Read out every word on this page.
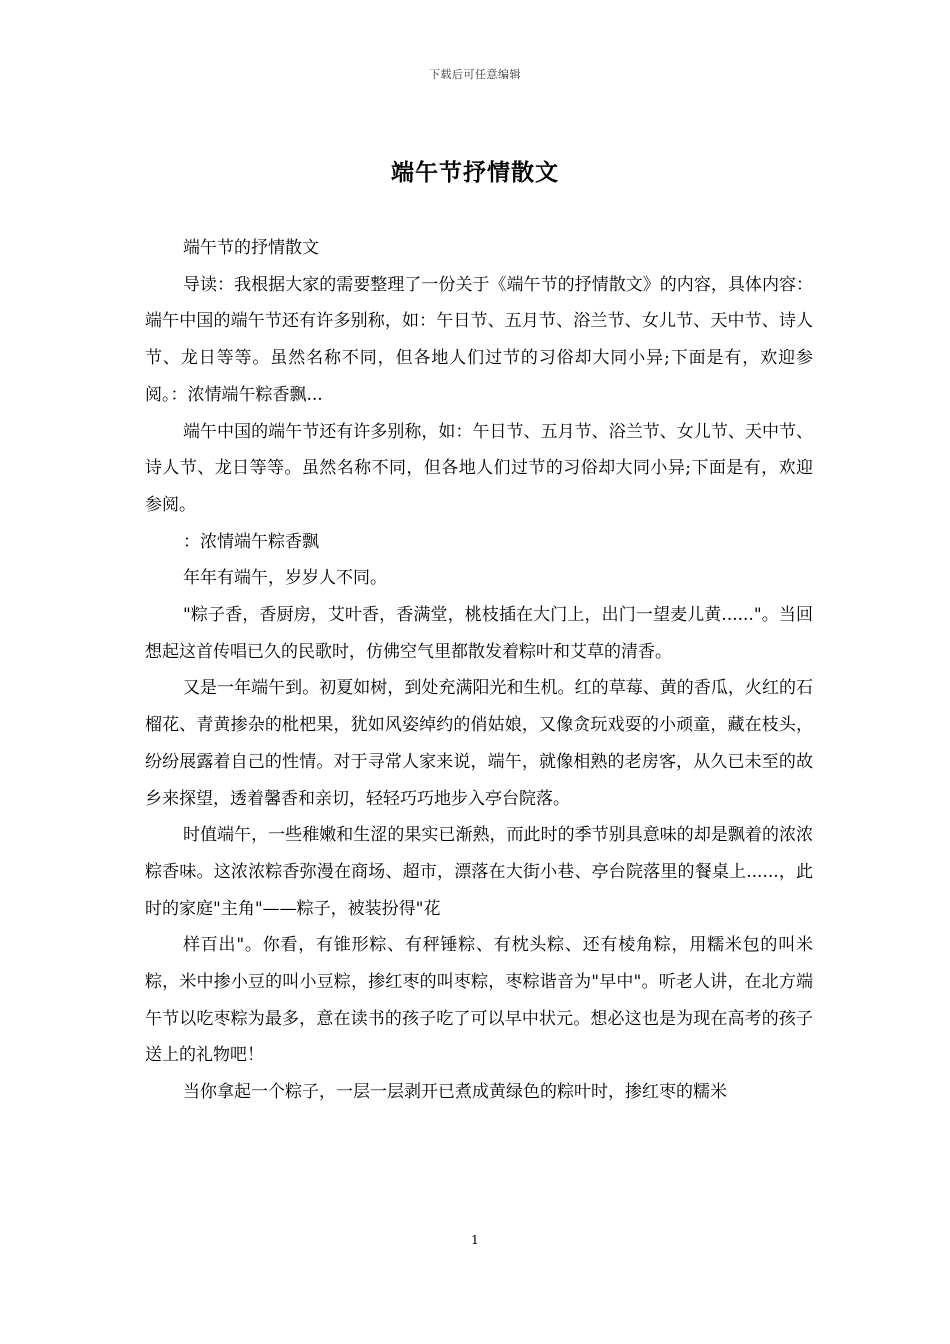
下载后可任意编辑
端午节抒情散文

端午节的抒情散文

导读：我根据大家的需要整理了一份关于《端午节的抒情散文》的内容，具体内容：端午中国的端午节还有许多别称，如：午日节、五月节、浴兰节、女儿节、天中节、诗人节、龙日等等。虽然名称不同，但各地人们过节的习俗却大同小异;下面是有，欢迎参阅。：浓情端午粽香飘...

端午中国的端午节还有许多别称，如：午日节、五月节、浴兰节、女儿节、天中节、诗人节、龙日等等。虽然名称不同，但各地人们过节的习俗却大同小异;下面是有，欢迎参阅。

：浓情端午粽香飘

年年有端午，岁岁人不同。

"粽子香，香厨房，艾叶香，香满堂，桃枝插在大门上，出门一望麦儿黄......"。当回想起这首传唱已久的民歌时，仿佛空气里都散发着粽叶和艾草的清香。

又是一年端午到。初夏如树，到处充满阳光和生机。红的草莓、黄的香瓜，火红的石榴花、青黄掺杂的枇杷果，犹如风姿绰约的俏姑娘，又像贪玩戏耍的小顽童，藏在枝头，纷纷展露着自己的性情。对于寻常人家来说，端午，就像相熟的老房客，从久已未至的故乡来探望，透着馨香和亲切，轻轻巧巧地步入亭台院落。

时值端午，一些稚嫩和生涩的果实已渐熟，而此时的季节别具意味的却是飘着的浓浓粽香味。这浓浓粽香弥漫在商场、超市，漂落在大街小巷、亭台院落里的餐桌上......，此时的家庭"主角"——粽子，被装扮得"花

样百出"。你看，有锥形粽、有秤锤粽、有枕头粽、还有棱角粽，用糯米包的叫米粽，米中掺小豆的叫小豆粽，掺红枣的叫枣粽，枣粽谐音为"早中"。听老人讲，在北方端午节以吃枣粽为最多，意在读书的孩子吃了可以早中状元。想必这也是为现在高考的孩子送上的礼物吧！

当你拿起一个粽子，一层一层剥开已煮成黄绿色的粽叶时，掺红枣的糯米

1
